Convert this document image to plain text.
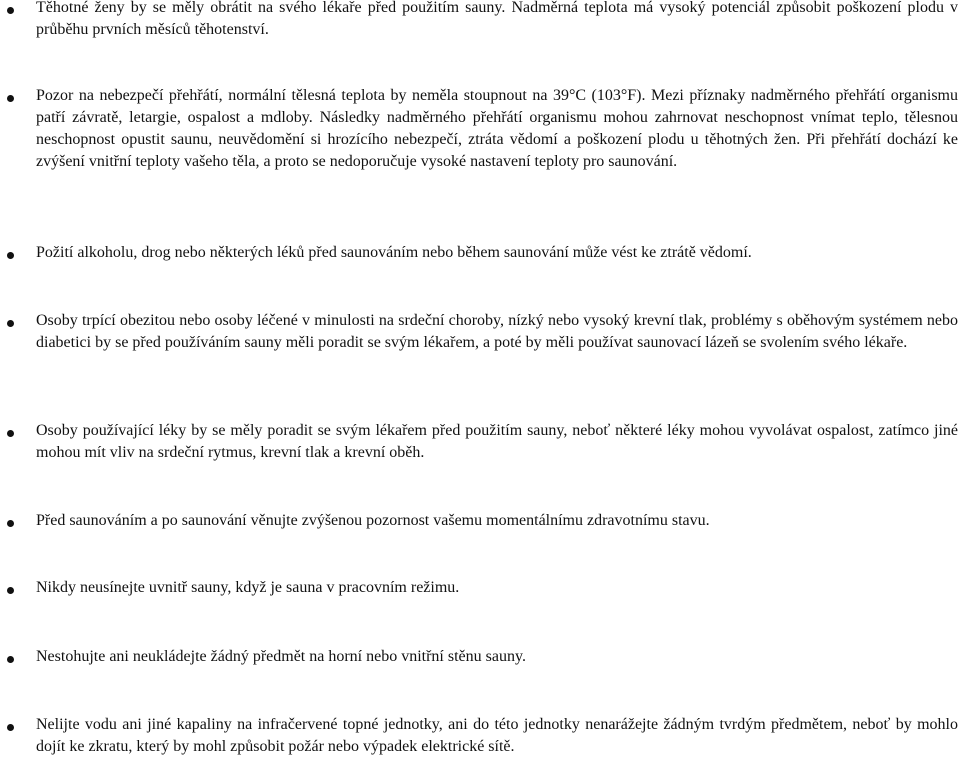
Těhotné ženy by se měly obrátit na svého lékaře před použitím sauny. Nadměrná teplota má vysoký potenciál způsobit poškození plodu v průběhu prvních měsíců těhotenství.

Pozor na nebezpečí přehřátí, normální tělesná teplota by neměla stoupnout na 39°C (103°F). Mezi příznaky nadměrného přehřátí organismu patří závratě, letargie, ospalost a mdloby. Následky nadměrného přehřátí organismu mohou zahrnovat neschopnost vnímat teplo, tělesnou neschopnost opustit saunu, neuvědomění si hrozícího nebezpečí, ztráta vědomí a poškození plodu u těhotných žen. Při přehřátí dochází ke zvýšení vnitřní teploty vašeho těla, a proto se nedoporučuje vysoké nastavení teploty pro saunování.

Požití alkoholu, drog nebo některých léků před saunováním nebo během saunování může vést ke ztrátě vědomí.

Osoby trpící obezitou nebo osoby léčené v minulosti na srdeční choroby, nízký nebo vysoký krevní tlak, problémy s oběhovým systémem nebo diabetici by se před používáním sauny měli poradit se svým lékařem, a poté by měli používat saunovací lázeň se svolením svého lékaře.

Osoby používající léky by se měly poradit se svým lékařem před použitím sauny, neboť některé léky mohou vyvolávat ospalost, zatímco jiné mohou mít vliv na srdeční rytmus, krevní tlak a krevní oběh.

Před saunováním a po saunování věnujte zvýšenou pozornost vašemu momentálnímu zdravotnímu stavu.

Nikdy neusínejte uvnitř sauny, když je sauna v pracovním režimu.

Nestohujte ani neukládejte žádný předmět na horní nebo vnitřní stěnu sauny.

Nelijte vodu ani jiné kapaliny na infračervené topné jednotky, ani do této jednotky nenarážejte žádným tvrdým předmětem, neboť by mohlo dojít ke zkratu, který by mohl způsobit požár nebo výpadek elektrické sítě.
